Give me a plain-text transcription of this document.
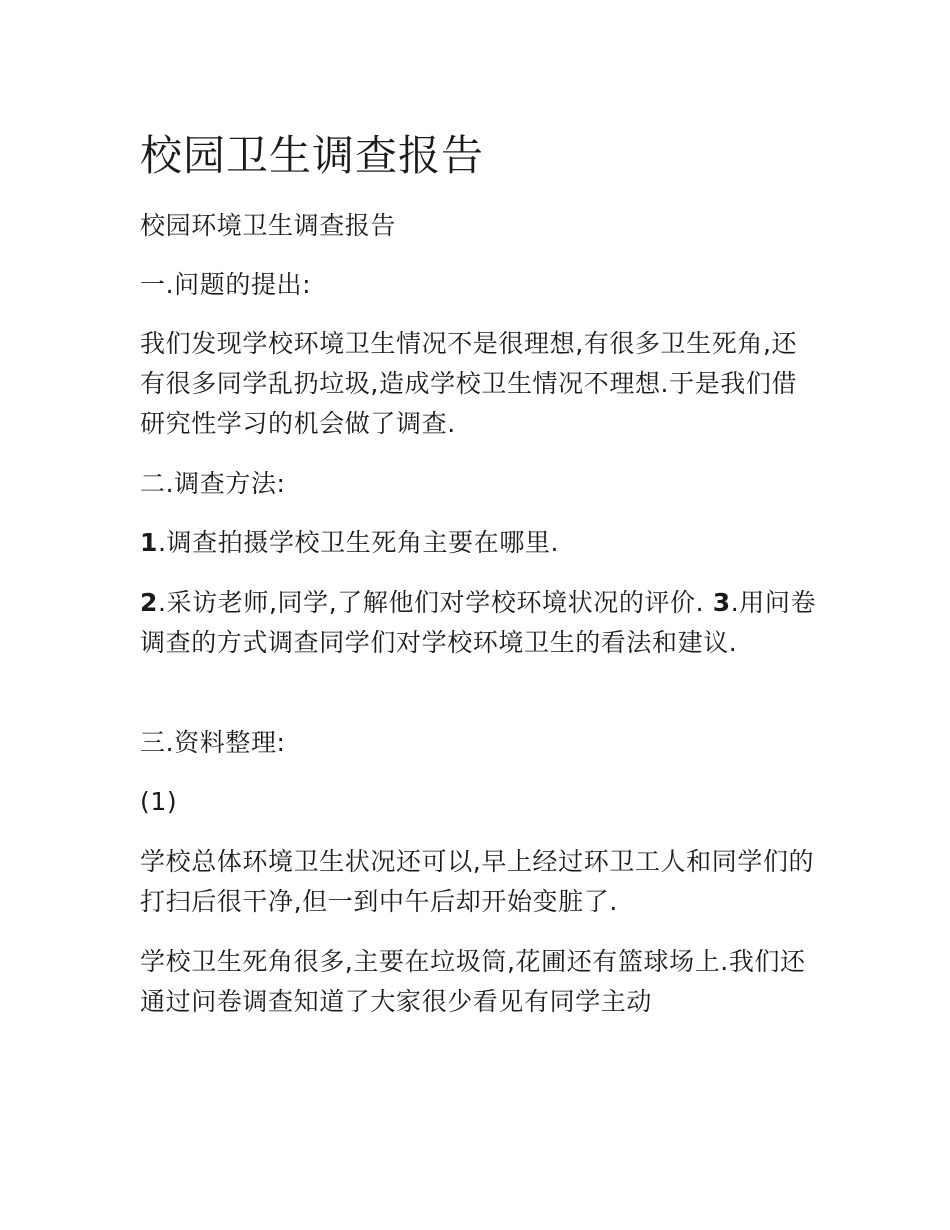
校园卫生调查报告
校园环境卫生调查报告
一.问题的提出:
我们发现学校环境卫生情况不是很理想,有很多卫生死角,还有很多同学乱扔垃圾,造成学校卫生情况不理想.于是我们借研究性学习的机会做了调查.
二.调查方法:
1.调查拍摄学校卫生死角主要在哪里.
2.采访老师,同学,了解他们对学校环境状况的评价. 3.用问卷调查的方式调查同学们对学校环境卫生的看法和建议.
三.资料整理:
(1)
学校总体环境卫生状况还可以,早上经过环卫工人和同学们的打扫后很干净,但一到中午后却开始变脏了.
学校卫生死角很多,主要在垃圾筒,花圃还有篮球场上.我们还通过问卷调查知道了大家很少看见有同学主动
